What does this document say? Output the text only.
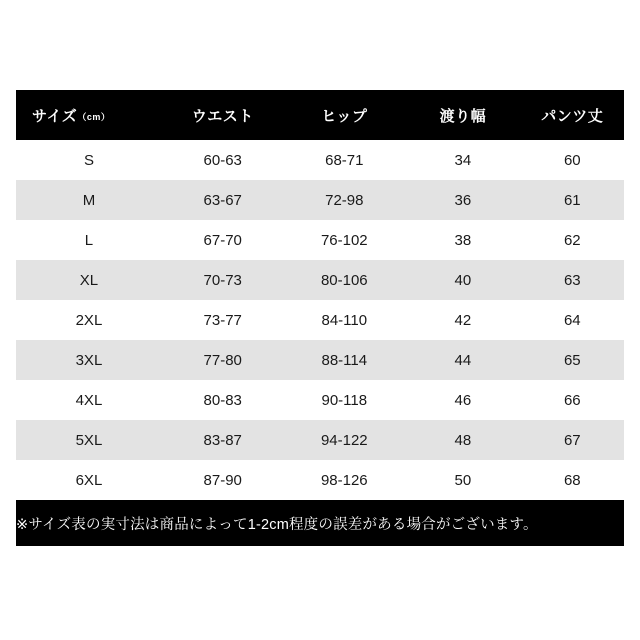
サイズ（cm）	ウエスト	ヒップ	渡り幅	パンツ丈
S	60-63	68-71	34	60
M	63-67	72-98	36	61
L	67-70	76-102	38	62
XL	70-73	80-106	40	63
2XL	73-77	84-110	42	64
3XL	77-80	88-114	44	65
4XL	80-83	90-118	46	66
5XL	83-87	94-122	48	67
6XL	87-90	98-126	50	68
※サイズ表の実寸法は商品によって1-2cm程度の誤差がある場合がございます。				
